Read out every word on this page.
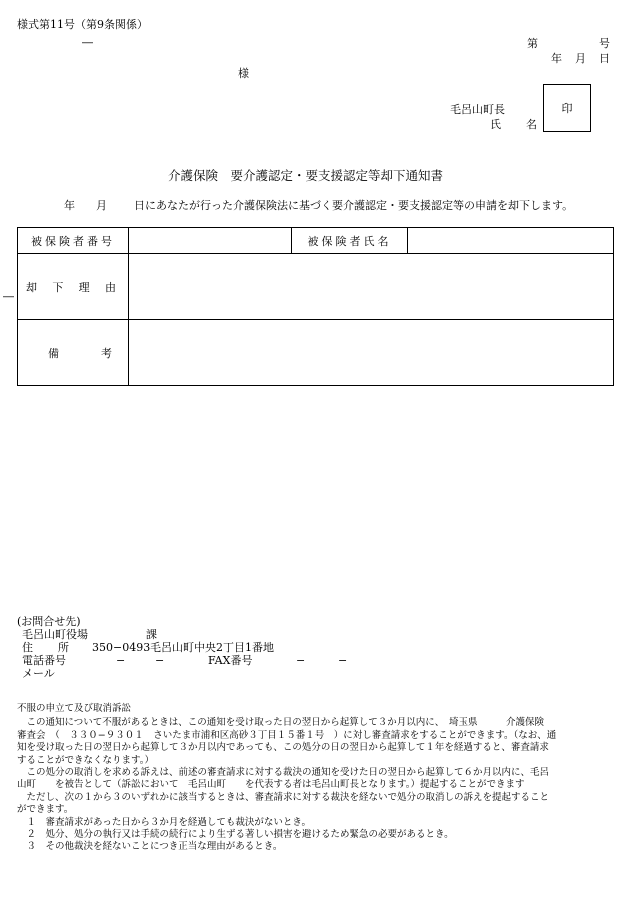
様式第11号（第9条関係）
―	第	号
年 月 日
様
毛呂山町長
氏 名
印
介護保険　要介護認定・要支援認定等却下通知書
年 月 日にあなたが行った介護保険法に基づく要介護認定・要支援認定等の申請を却下します。
被保険者番号		被保険者氏名	

却 下 理 由			

備 考			

―
(お問合せ先)
毛呂山町役場	課
住 所 350−0493 毛呂山町中央2丁目1番地
電話番号	−	−	FAX番号	−	−
メール

不服の申立て及び取消訴訟

　この通知について不服があるときは、この通知を受け取った日の翌日から起算して３か月以内に、　埼玉県　　　介護保険

審査会　（　３３０−９３０１　さいたま市浦和区高砂３丁目１５番１号　）に対し審査請求をすることができます。（なお、通

知を受け取った日の翌日から起算して３か月以内であっても、この処分の日の翌日から起算して１年を経過すると、審査請求

することができなくなります。）

　この処分の取消しを求める訴えは、前述の審査請求に対する裁決の通知を受けた日の翌日から起算して６か月以内に、毛呂

山町　　を被告として（訴訟において　毛呂山町　　を代表する者は毛呂山町長となります。）提起することができます

　ただし、次の１から３のいずれかに該当するときは、審査請求に対する裁決を経ないで処分の取消しの訴えを提起すること

ができます。

　１　審査請求があった日から３か月を経過しても裁決がないとき。

　２　処分、処分の執行又は手続の続行により生ずる著しい損害を避けるため緊急の必要があるとき。

　３　その他裁決を経ないことにつき正当な理由があるとき。
